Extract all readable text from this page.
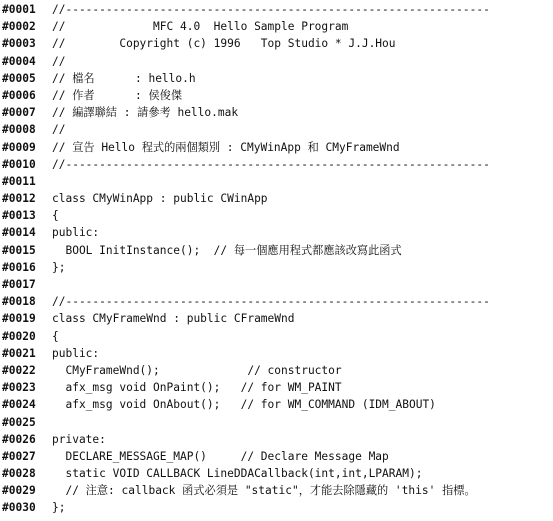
#0001	//---------------------------------------------------------------
#0002	//             MFC 4.0  Hello Sample Program
#0003	//        Copyright (c) 1996   Top Studio * J.J.Hou
#0004	//
#0005	// 檔名      : hello.h
#0006	// 作者      : 侯俊傑
#0007	// 編譯聯結 : 請參考 hello.mak
#0008	//
#0009	// 宣告 Hello 程式的兩個類別 : CMyWinApp 和 CMyFrameWnd
#0010	//---------------------------------------------------------------
#0011
#0012	class CMyWinApp : public CWinApp
#0013	{
#0014	public:
#0015	BOOL InitInstance();  // 每一個應用程式都應該改寫此函式
#0016	};
#0017
#0018	//---------------------------------------------------------------
#0019	class CMyFrameWnd : public CFrameWnd
#0020	{
#0021	public:
#0022	CMyFrameWnd();             // constructor
#0023	afx_msg void OnPaint();   // for WM_PAINT
#0024	afx_msg void OnAbout();   // for WM_COMMAND (IDM_ABOUT)
#0025
#0026	private:
#0027	DECLARE_MESSAGE_MAP()     // Declare Message Map
#0028	static VOID CALLBACK LineDDACallback(int,int,LPARAM);
#0029	// 注意: callback 函式必須是 "static"，才能去除隱藏的 'this' 指標。
#0030	};
